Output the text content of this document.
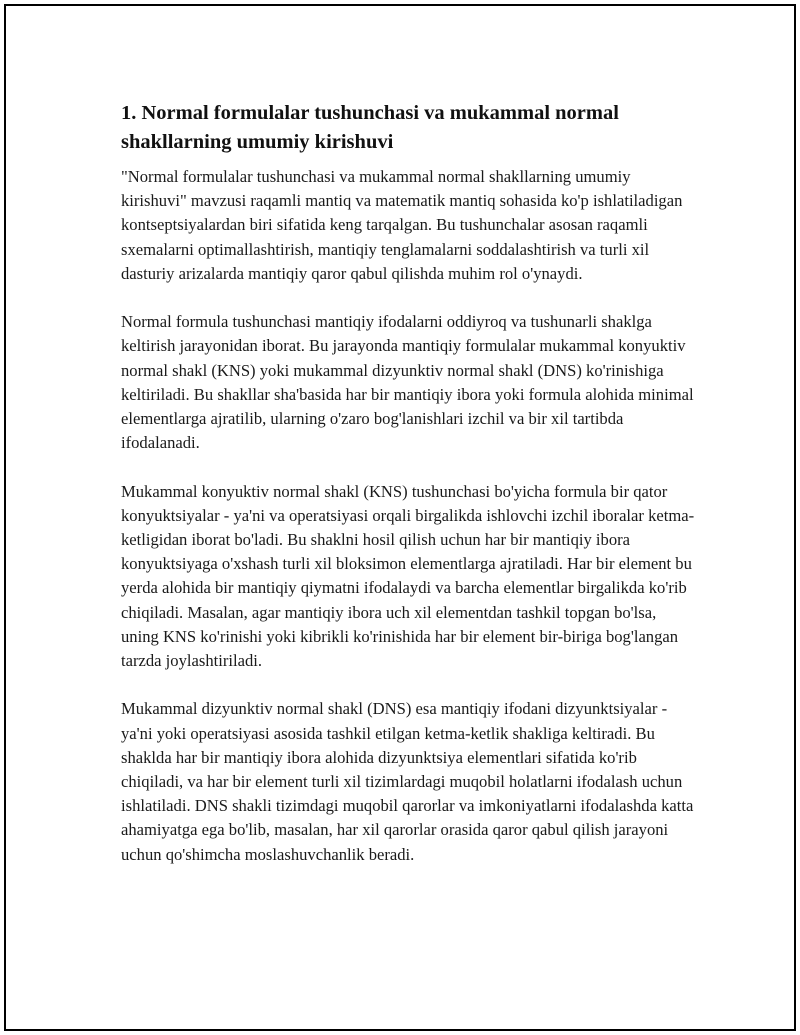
1. Normal formulalar tushunchasi va mukammal normal shakllarning umumiy kirishuvi

"Normal formulalar tushunchasi va mukammal normal shakllarning umumiy kirishuvi" mavzusi raqamli mantiq va matematik mantiq sohasida ko'p ishlatiladigan kontseptsiyalardan biri sifatida keng tarqalgan. Bu tushunchalar asosan raqamli sxemalarni optimallashtirish, mantiqiy tenglamalarni soddalashtirish va turli xil dasturiy arizalarda mantiqiy qaror qabul qilishda muhim rol o'ynaydi.

Normal formula tushunchasi mantiqiy ifodalarni oddiyroq va tushunarli shaklga keltirish jarayonidan iborat. Bu jarayonda mantiqiy formulalar mukammal konyuktiv normal shakl (KNS) yoki mukammal dizyunktiv normal shakl (DNS) ko'rinishiga keltiriladi. Bu shakllar sha'basida har bir mantiqiy ibora yoki formula alohida minimal elementlarga ajratilib, ularning o'zaro bog'lanishlari izchil va bir xil tartibda ifodalanadi.

Mukammal konyuktiv normal shakl (KNS) tushunchasi bo'yicha formula bir qator konyuktsiyalar - ya'ni va operatsiyasi orqali birgalikda ishlovchi izchil iboralar ketma-ketligidan iborat bo'ladi. Bu shaklni hosil qilish uchun har bir mantiqiy ibora konyuktsiyaga o'xshash turli xil bloksimon elementlarga ajratiladi. Har bir element bu yerda alohida bir mantiqiy qiymatni ifodalaydi va barcha elementlar birgalikda ko'rib chiqiladi. Masalan, agar mantiqiy ibora uch xil elementdan tashkil topgan bo'lsa, uning KNS ko'rinishi yoki kibrikli ko'rinishida har bir element bir-biriga bog'langan tarzda joylashtiriladi.

Mukammal dizyunktiv normal shakl (DNS) esa mantiqiy ifodani dizyunktsiyalar - ya'ni yoki operatsiyasi asosida tashkil etilgan ketma-ketlik shakliga keltiradi. Bu shaklda har bir mantiqiy ibora alohida dizyunktsiya elementlari sifatida ko'rib chiqiladi, va har bir element turli xil tizimlardagi muqobil holatlarni ifodalash uchun ishlatiladi. DNS shakli tizimdagi muqobil qarorlar va imkoniyatlarni ifodalashda katta ahamiyatga ega bo'lib, masalan, har xil qarorlar orasida qaror qabul qilish jarayoni uchun qo'shimcha moslashuvchanlik beradi.
